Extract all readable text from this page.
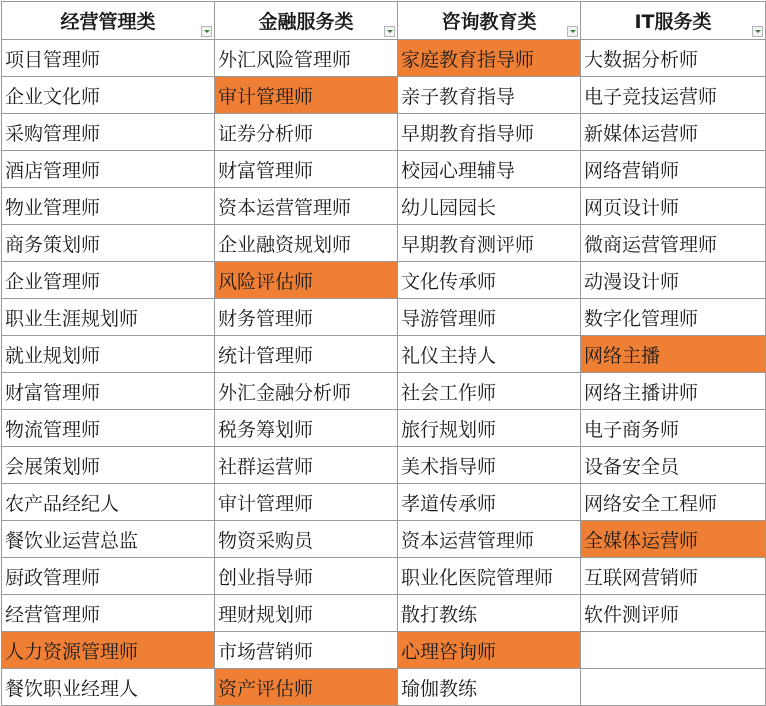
经营管理类	金融服务类	咨询教育类	IT服务类

项目管理师	外汇风险管理师	家庭教育指导师	大数据分析师
企业文化师	审计管理师	亲子教育指导	电子竞技运营师
采购管理师	证券分析师	早期教育指导师	新媒体运营师
酒店管理师	财富管理师	校园心理辅导	网络营销师
物业管理师	资本运营管理师	幼儿园园长	网页设计师
商务策划师	企业融资规划师	早期教育测评师	微商运营管理师
企业管理师	风险评估师	文化传承师	动漫设计师
职业生涯规划师	财务管理师	导游管理师	数字化管理师
就业规划师	统计管理师	礼仪主持人	网络主播
财富管理师	外汇金融分析师	社会工作师	网络主播讲师
物流管理师	税务筹划师	旅行规划师	电子商务师
会展策划师	社群运营师	美术指导师	设备安全员
农产品经纪人	审计管理师	孝道传承师	网络安全工程师
餐饮业运营总监	物资采购员	资本运营管理师	全媒体运营师
厨政管理师	创业指导师	职业化医院管理师	互联网营销师
经营管理师	理财规划师	散打教练	软件测评师
人力资源管理师	市场营销师	心理咨询师	
餐饮职业经理人	资产评估师	瑜伽教练	
